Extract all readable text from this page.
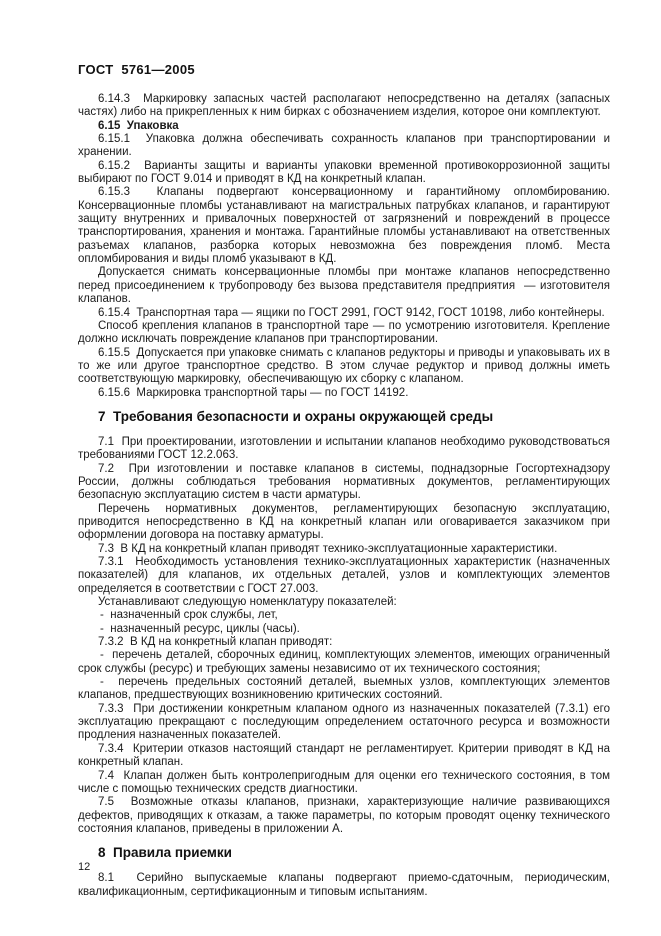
ГОСТ  5761—2005

6.14.3  Маркировку запасных частей располагают непосредственно на деталях (запасных частях) либо на прикрепленных к ним бирках с обозначением изделия, которое они комплектуют.

6.15  Упаковка

6.15.1  Упаковка должна обеспечивать сохранность клапанов при транспортировании и хранении.

6.15.2  Варианты защиты и варианты упаковки временной противокоррозионной защиты выбирают по ГОСТ 9.014 и приводят в КД на конкретный клапан.

6.15.3  Клапаны подвергают консервационному и гарантийному опломбированию. Консервационные пломбы устанавливают на магистральных патрубках клапанов, и гарантируют защиту внутренних и привалочных поверхностей от загрязнений и повреждений в процессе транспортирования, хранения и монтажа. Гарантийные пломбы устанавливают на ответственных разъемах клапанов, разборка которых невозможна без повреждения пломб. Места опломбирования и виды пломб указывают в КД.

Допускается снимать консервационные пломбы при монтаже клапанов непосредственно перед присоединением к трубопроводу без вызова представителя предприятия  — изготовителя клапанов.

6.15.4  Транспортная тара — ящики по ГОСТ 2991, ГОСТ 9142, ГОСТ 10198, либо контейнеры.

Способ крепления клапанов в транспортной таре — по усмотрению изготовителя. Крепление должно исключать повреждение клапанов при транспортировании.

6.15.5  Допускается при упаковке снимать с клапанов редукторы и приводы и упаковывать их в то же или другое транспортное средство. В этом случае редуктор и привод должны иметь соответствующую маркировку,  обеспечивающую их сборку с клапаном.

6.15.6  Маркировка транспортной тары — по ГОСТ 14192.

7  Требования безопасности и охраны окружающей среды

7.1  При проектировании, изготовлении и испытании клапанов необходимо руководствоваться требованиями ГОСТ 12.2.063.

7.2  При изготовлении и поставке клапанов в системы, поднадзорные Госгортехнадзору России, должны соблюдаться требования нормативных документов, регламентирующих безопасную эксплуатацию систем в части арматуры.

Перечень нормативных документов, регламентирующих безопасную эксплуатацию, приводится непосредственно в КД на конкретный клапан или оговаривается заказчиком при оформлении договора на поставку арматуры.

7.3  В КД на конкретный клапан приводят технико-эксплуатационные характеристики.

7.3.1  Необходимость установления технико-эксплуатационных характеристик (назначенных показателей) для клапанов, их отдельных деталей, узлов и комплектующих элементов определяется в соответствии с ГОСТ 27.003.

Устанавливают следующую номенклатуру показателей:

-  назначенный срок службы, лет,

-  назначенный ресурс, циклы (часы).

7.3.2  В КД на конкретный клапан приводят:

-  перечень деталей, сборочных единиц, комплектующих элементов, имеющих ограниченный срок службы (ресурс) и требующих замены независимо от их технического состояния;

-  перечень предельных состояний деталей, выемных узлов, комплектующих элементов клапанов, предшествующих возникновению критических состояний.

7.3.3  При достижении конкретным клапаном одного из назначенных показателей (7.3.1) его эксплуатацию прекращают с последующим определением остаточного ресурса и возможности продления назначенных показателей.

7.3.4  Критерии отказов настоящий стандарт не регламентирует. Критерии приводят в КД на конкретный клапан.

7.4  Клапан должен быть контролепригодным для оценки его технического состояния, в том числе с помощью технических средств диагностики.

7.5  Возможные отказы клапанов, признаки, характеризующие наличие развивающихся дефектов, приводящих к отказам, а также параметры, по которым проводят оценку технического состояния клапанов, приведены в приложении А.

8  Правила приемки

8.1  Серийно выпускаемые клапаны подвергают приемо-сдаточным, периодическим, квалификационным, сертификационным и типовым испытаниям.

12
